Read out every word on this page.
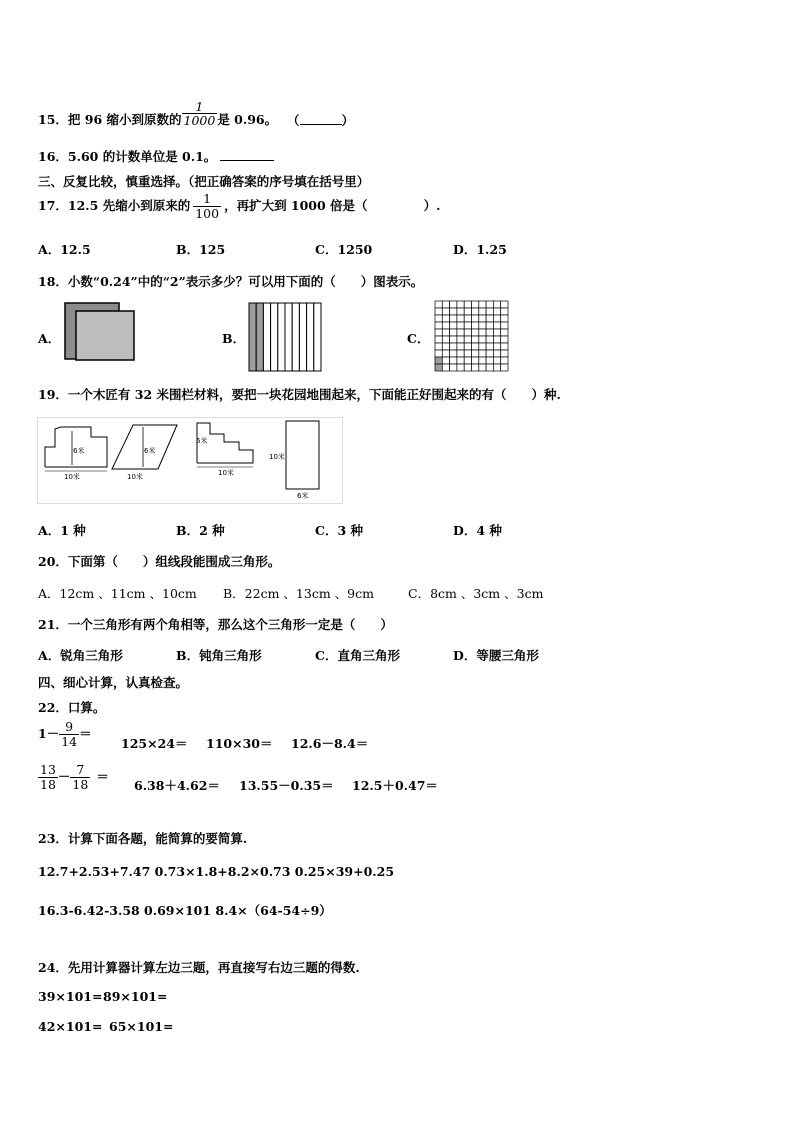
15．把 96 缩小到原数的 $\frac{1}{1000}$ 是 0.96。 （	）
16．5.60 的计数单位是 0.1。
三、反复比较，慎重选择。（把正确答案的序号填在括号里）
17．12.5 先缩小到原来的 $\frac{1}{100}$ ，再扩大到 1000 倍是（	）.
A．12.5	B．125	C．1250	D．1.25
18．小数“0.24”中的“2”表示多少？可以用下面的（　　）图表示。
A．	B．	C．
19．一个木匠有 32 米围栏材料，要把一块花园地围起来，下面能正好围起来的有（　　）种.
6米
10米
6米
10米
6米
10米
10米
6米
A．1 种	B．2 种	C．3 种	D．4 种
20．下面第（　　）组线段能围成三角形。
A．12cm 、11cm 、10cm B．22cm 、13cm 、9cm	C．8cm 、3cm 、3cm
21．一个三角形有两个角相等，那么这个三角形一定是（　　）
A．锐角三角形	B．钝角三角形	C．直角三角形	D．等腰三角形
四、细心计算，认真检查。
22．口算。
$1- \frac{9}{14}$ ＝
125×24＝ 110×30＝ 12.6－8.4＝
$\frac{13}{18} - \frac{7}{18}$ ＝
6.38＋4.62＝ 13.55－0.35＝ 12.5＋0.47＝
23．计算下面各题，能简算的要简算.
12.7+2.53+7.47 0.73×1.8+8.2×0.73 0.25×39+0.25
16.3-6.42-3.58 0.69×101 8.4×（64-54÷9）
24．先用计算器计算左边三题，再直接写右边三题的得数.
39×101= 89×101=
42×101= 65×101=
